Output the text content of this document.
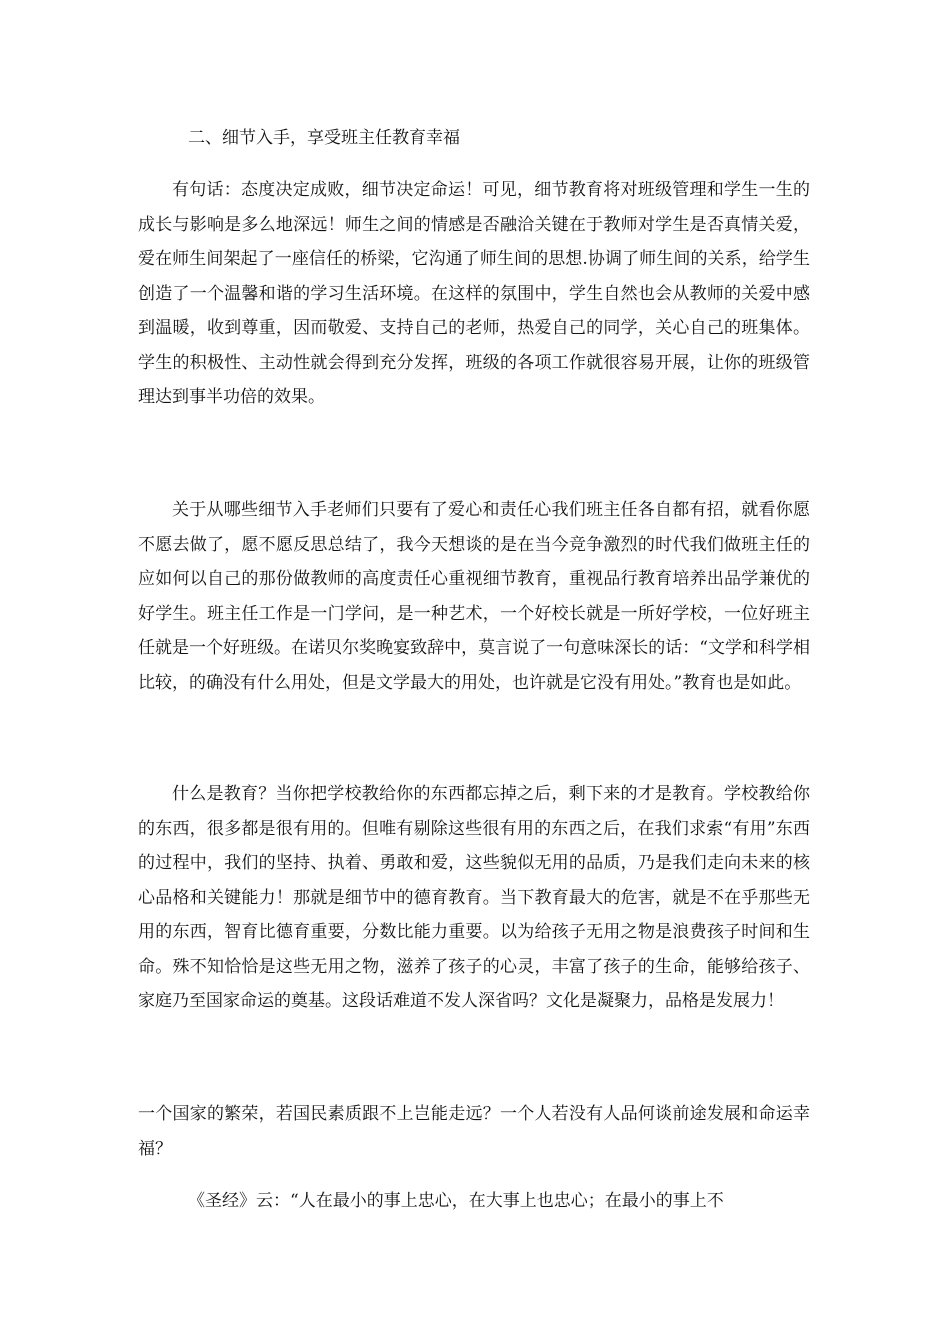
二、细节入手，享受班主任教育幸福

有句话：态度决定成败，细节决定命运！可见，细节教育将对班级管理和学生一生的成长与影响是多么地深远！师生之间的情感是否融洽关键在于教师对学生是否真情关爱，爱在师生间架起了一座信任的桥梁，它沟通了师生间的思想.协调了师生间的关系，给学生创造了一个温馨和谐的学习生活环境。在这样的氛围中，学生自然也会从教师的关爱中感到温暖，收到尊重，因而敬爱、支持自己的老师，热爱自己的同学，关心自己的班集体。学生的积极性、主动性就会得到充分发挥，班级的各项工作就很容易开展，让你的班级管理达到事半功倍的效果。

关于从哪些细节入手老师们只要有了爱心和责任心我们班主任各自都有招，就看你愿不愿去做了，愿不愿反思总结了，我今天想谈的是在当今竞争激烈的时代我们做班主任的应如何以自己的那份做教师的高度责任心重视细节教育，重视品行教育培养出品学兼优的好学生。班主任工作是一门学问，是一种艺术，一个好校长就是一所好学校，一位好班主任就是一个好班级。在诺贝尔奖晚宴致辞中，莫言说了一句意味深长的话：“文学和科学相比较，的确没有什么用处，但是文学最大的用处，也许就是它没有用处。”教育也是如此。

什么是教育？当你把学校教给你的东西都忘掉之后，剩下来的才是教育。学校教给你的东西，很多都是很有用的。但唯有剔除这些很有用的东西之后，在我们求索“有用”东西的过程中，我们的坚持、执着、勇敢和爱，这些貌似无用的品质，乃是我们走向未来的核心品格和关键能力！那就是细节中的德育教育。当下教育最大的危害，就是不在乎那些无用的东西，智育比德育重要，分数比能力重要。以为给孩子无用之物是浪费孩子时间和生命。殊不知恰恰是这些无用之物，滋养了孩子的心灵，丰富了孩子的生命，能够给孩子、家庭乃至国家命运的奠基。这段话难道不发人深省吗？文化是凝聚力，品格是发展力！

一个国家的繁荣，若国民素质跟不上岂能走远？一个人若没有人品何谈前途发展和命运幸福？

《圣经》云：“人在最小的事上忠心，在大事上也忠心；在最小的事上不
